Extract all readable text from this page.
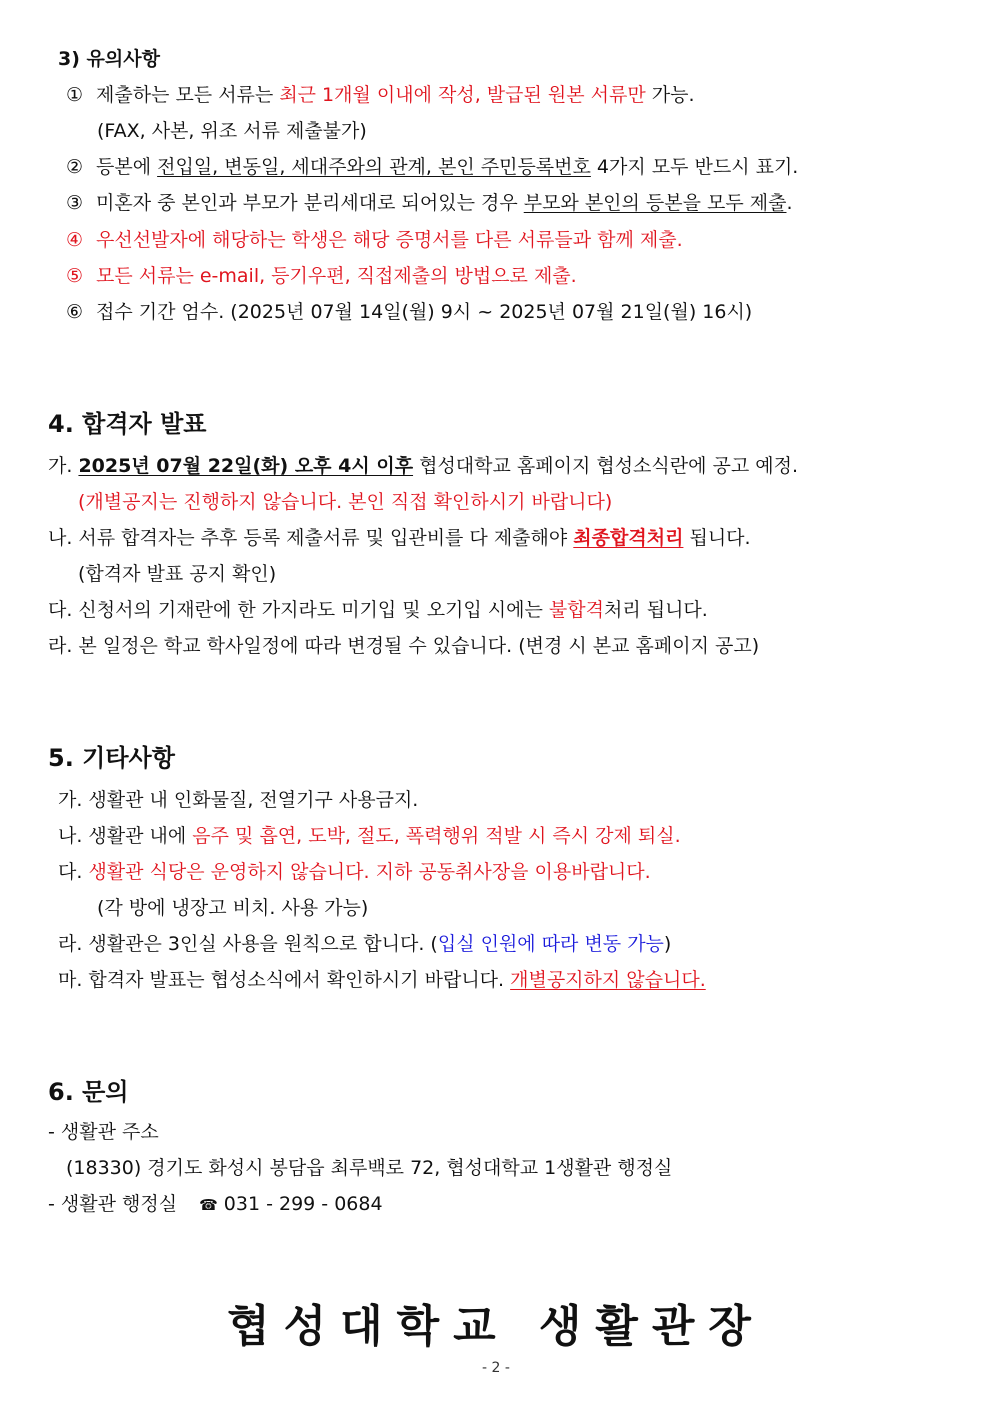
3) 유의사항
① 제출하는 모든 서류는 최근 1개월 이내에 작성, 발급된 원본 서류만 가능.
(FAX, 사본, 위조 서류 제출불가)
② 등본에 전입일, 변동일, 세대주와의 관계, 본인 주민등록번호 4가지 모두 반드시 표기.
③ 미혼자 중 본인과 부모가 분리세대로 되어있는 경우 부모와 본인의 등본을 모두 제출.
④ 우선선발자에 해당하는 학생은 해당 증명서를 다른 서류들과 함께 제출.
⑤ 모든 서류는 e-mail, 등기우편, 직접제출의 방법으로 제출.
⑥ 접수 기간 엄수. (2025년 07월 14일(월) 9시 ~ 2025년 07월 21일(월) 16시)
4. 합격자 발표
가. 2025년 07월 22일(화) 오후 4시 이후 협성대학교 홈페이지 협성소식란에 공고 예정.
(개별공지는 진행하지 않습니다. 본인 직접 확인하시기 바랍니다)
나. 서류 합격자는 추후 등록 제출서류 및 입관비를 다 제출해야 최종합격처리 됩니다.
(합격자 발표 공지 확인)
다. 신청서의 기재란에 한 가지라도 미기입 및 오기입 시에는 불합격처리 됩니다.
라. 본 일정은 학교 학사일정에 따라 변경될 수 있습니다. (변경 시 본교 홈페이지 공고)
5. 기타사항
가. 생활관 내 인화물질, 전열기구 사용금지.
나. 생활관 내에 음주 및 흡연, 도박, 절도, 폭력행위 적발 시 즉시 강제 퇴실.
다. 생활관 식당은 운영하지 않습니다. 지하 공동취사장을 이용바랍니다.
(각 방에 냉장고 비치. 사용 가능)
라. 생활관은 3인실 사용을 원칙으로 합니다. (입실 인원에 따라 변동 가능)
마. 합격자 발표는 협성소식에서 확인하시기 바랍니다. 개별공지하지 않습니다.
6. 문의
- 생활관 주소
(18330) 경기도 화성시 봉담읍 최루백로 72, 협성대학교 1생활관 행정실
- 생활관 행정실 ☎ 031 - 299 - 0684
협성대학교 생활관장
- 2 -
